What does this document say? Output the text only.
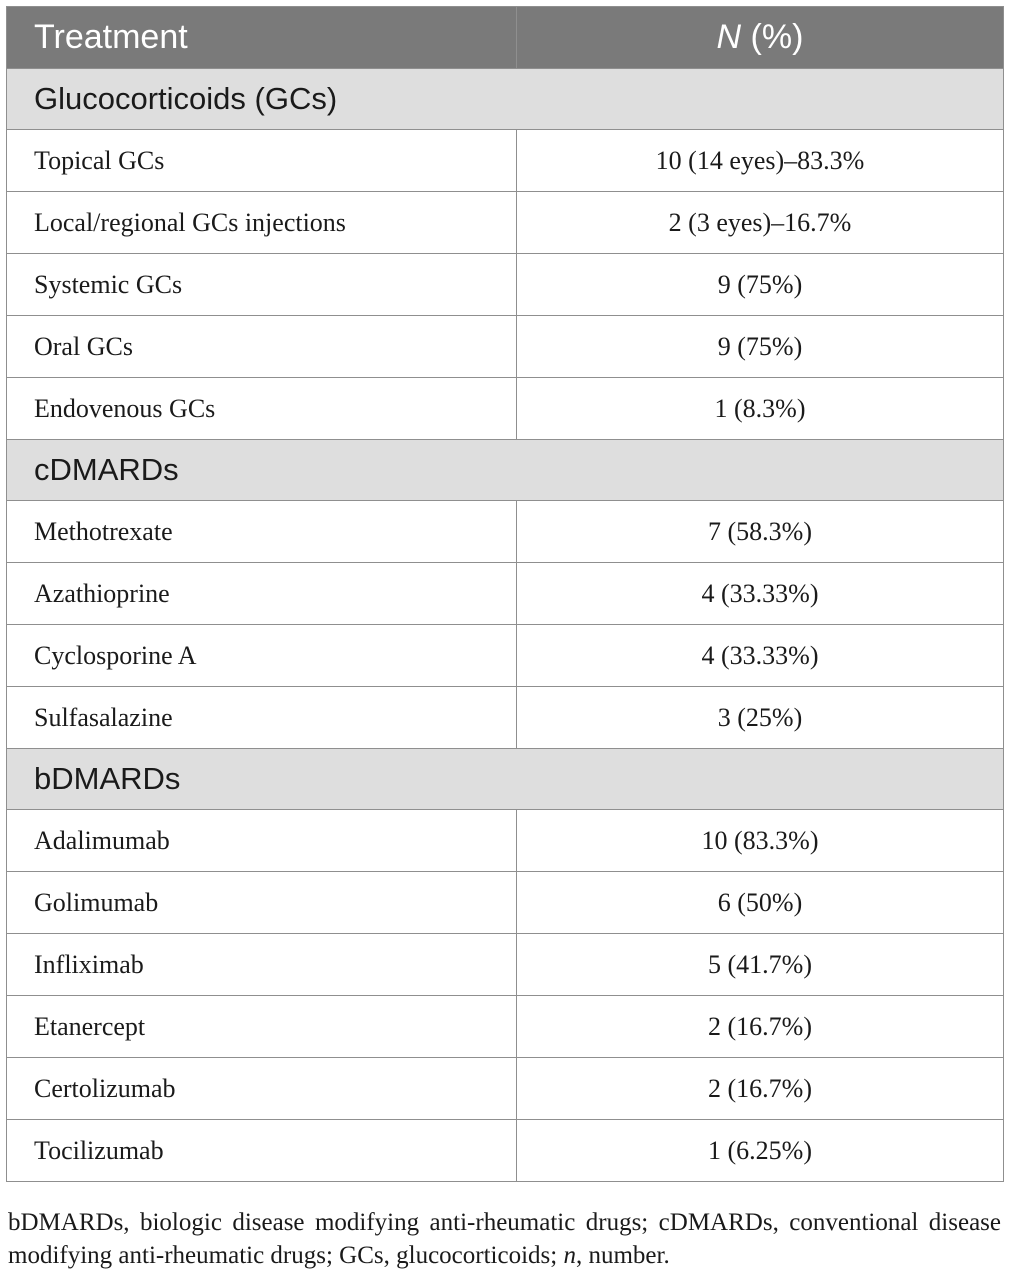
Treatment	N (%)
Glucocorticoids (GCs)	
Topical GCs	10 (14 eyes)–83.3%
Local/regional GCs injections	2 (3 eyes)–16.7%
Systemic GCs	9 (75%)
Oral GCs	9 (75%)
Endovenous GCs	1 (8.3%)
cDMARDs	
Methotrexate	7 (58.3%)
Azathioprine	4 (33.33%)
Cyclosporine A	4 (33.33%)
Sulfasalazine	3 (25%)
bDMARDs	
Adalimumab	10 (83.3%)
Golimumab	6 (50%)
Infliximab	5 (41.7%)
Etanercept	2 (16.7%)
Certolizumab	2 (16.7%)
Tocilizumab	1 (6.25%)
bDMARDs, biologic disease modifying anti-rheumatic drugs; cDMARDs, conventional disease modifying anti-rheumatic drugs; GCs, glucocorticoids; n, number.
